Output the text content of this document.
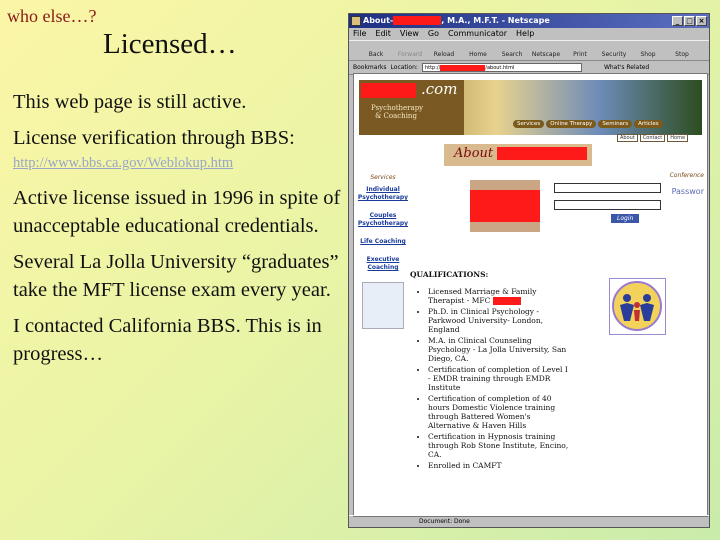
who else…?
Licensed…

This web page is still active.

License verification through BBS:

http://www.bbs.ca.gov/Weblokup.htm

Active license issued in 1996 in spite of unacceptable educational credentials.

Several La Jolla University “graduates” take the MFT license exam every year.

I contacted California BBS. This is in progress…

About-	, M.A., M.F.T. - Netscape	_ □ ×
File Edit View Go Communicator Help
Back	Forward	Reload	Home	Search	Netscape	Print	Security	Shop	Stop
Bookmarks Location:	http://	/about.html	What's Related
.com
Psychotherapy & Coaching
Services	Online Therapy	Seminars	Articles
About	Contact	Home
About
Services
Individual Psychotherapy
Couples Psychotherapy
Life Coaching
Executive Coaching
Conference
Passwor
Login
QUALIFICATIONS:
• Licensed Marriage & Family Therapist - MFC
• Ph.D. in Clinical Psychology - Parkwood University- London, England
• M.A. in Clinical Counseling Psychology - La Jolla University, San Diego, CA.
• Certification of completion of Level I - EMDR training through EMDR Institute
• Certification of completion of 40 hours Domestic Violence training through Battered Women's Alternative & Haven Hills
• Certification in Hypnosis training through Rob Stone Institute, Encino, CA.
• Enrolled in CAMFT
Document: Done
